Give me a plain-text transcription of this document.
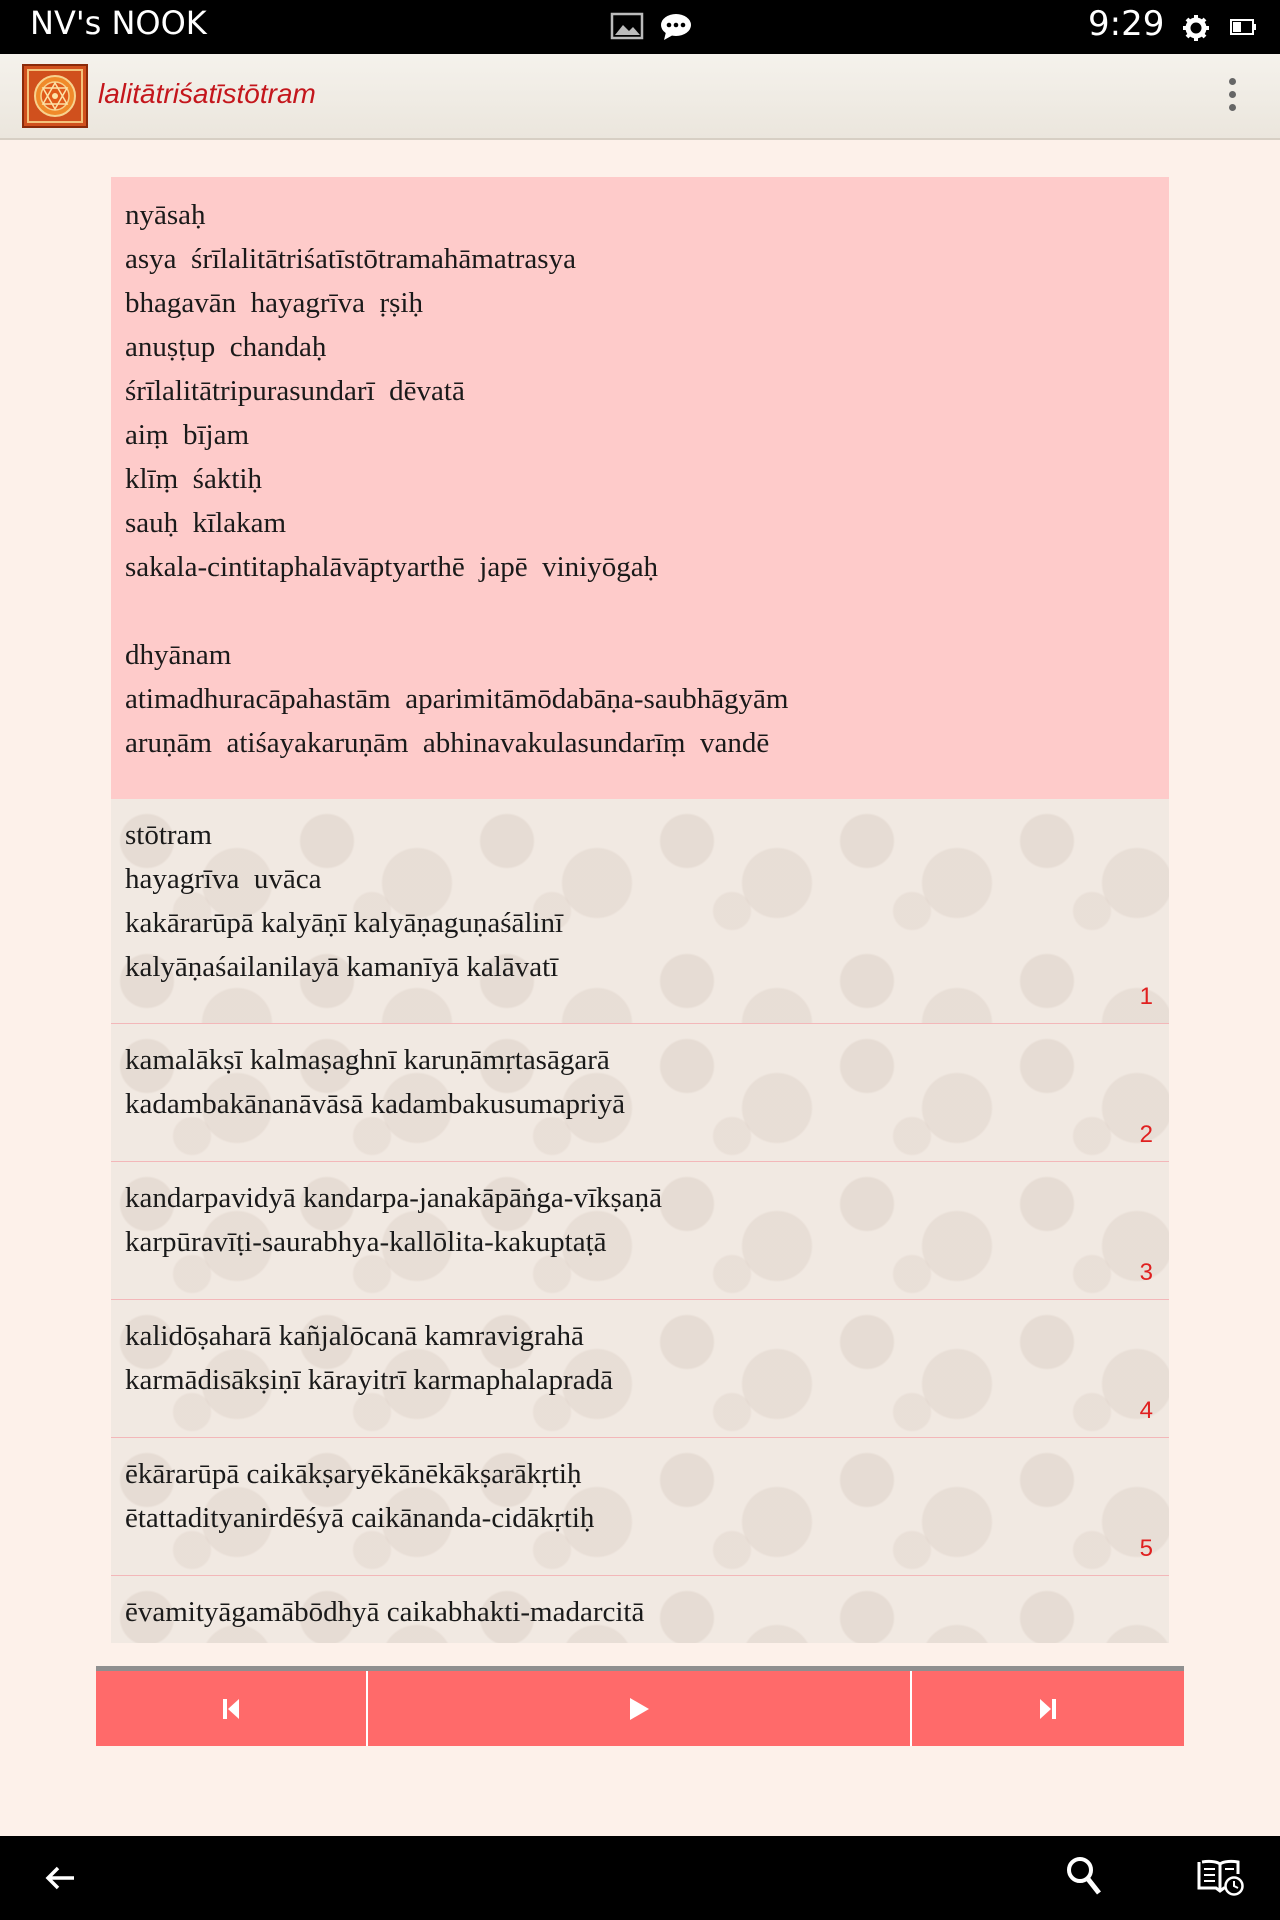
NV's NOOK	9:29
lalitātriśatīstōtram
nyāsaḥ
asya  śrīlalitātriśatīstōtramahāmatrasya
bhagavān  hayagrīva  ṛṣiḥ
anuṣṭup  chandaḥ
śrīlalitātripurasundarī  dēvatā
aiṃ  bījam
klīṃ  śaktiḥ
sauḥ  kīlakam
sakala-cintitaphalāvāptyarthē  japē  viniyōgaḥ
dhyānam
atimadhuracāpahastām  aparimitāmōdabāṇa-saubhāgyām
aruṇām  atiśayakaruṇām  abhinavakulasundarīṃ  vandē
stōtram
hayagrīva  uvāca
kakārarūpā kalyāṇī kalyāṇaguṇaśālinī
kalyāṇaśailanilayā kamanīyā kalāvatī
1
kamalākṣī kalmaṣaghnī karuṇāmṛtasāgarā
kadambakānanāvāsā kadambakusumapriyā
2
kandarpavidyā kandarpa-janakāpāṅga-vīkṣaṇā
karpūravīṭi-saurabhya-kallōlita-kakuptaṭā
3
kalidōṣaharā kañjalōcanā kamravigrahā
karmādisākṣiṇī kārayitrī karmaphalapradā
4
ēkārarūpā caikākṣaryēkānēkākṣarākṛtiḥ
ētattadityanirdēśyā caikānanda-cidākṛtiḥ
5
ēvamityāgamābōdhyā caikabhakti-madarcitā
